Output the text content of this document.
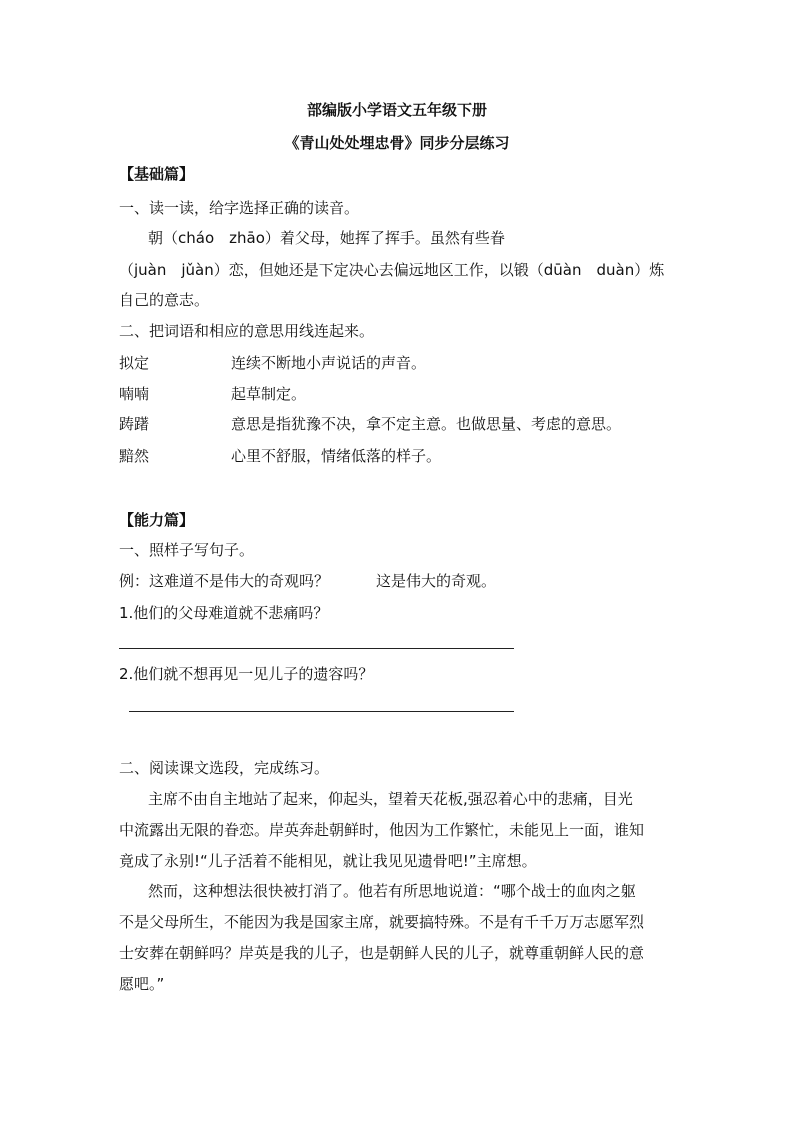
部编版小学语文五年级下册
《青山处处埋忠骨》同步分层练习
【基础篇】
一、读一读，给字选择正确的读音。
朝（cháo　zhāo）着父母，她挥了挥手。虽然有些眷
（juàn　jǔàn）恋，但她还是下定决心去偏远地区工作，以锻（dūàn　duàn）炼
自己的意志。
二、把词语和相应的意思用线连起来。
拟定	连续不断地小声说话的声音。
喃喃	起草制定。
踌躇	意思是指犹豫不决，拿不定主意。也做思量、考虑的意思。
黯然	心里不舒服，情绪低落的样子。
【能力篇】
一、照样子写句子。
例：这难道不是伟大的奇观吗？	这是伟大的奇观。
1.他们的父母难道就不悲痛吗？
2.他们就不想再见一见儿子的遗容吗？
二、阅读课文选段，完成练习。
主席不由自主地站了起来，仰起头，望着天花板,强忍着心中的悲痛，目光
中流露出无限的眷恋。岸英奔赴朝鲜时，他因为工作繁忙，未能见上一面，谁知
竟成了永别!“儿子活着不能相见，就让我见见遗骨吧!”主席想。
然而，这种想法很快被打消了。他若有所思地说道：“哪个战士的血肉之躯
不是父母所生，不能因为我是国家主席，就要搞特殊。不是有千千万万志愿军烈
士安葬在朝鲜吗？岸英是我的儿子，也是朝鲜人民的儿子，就尊重朝鲜人民的意
愿吧。”
